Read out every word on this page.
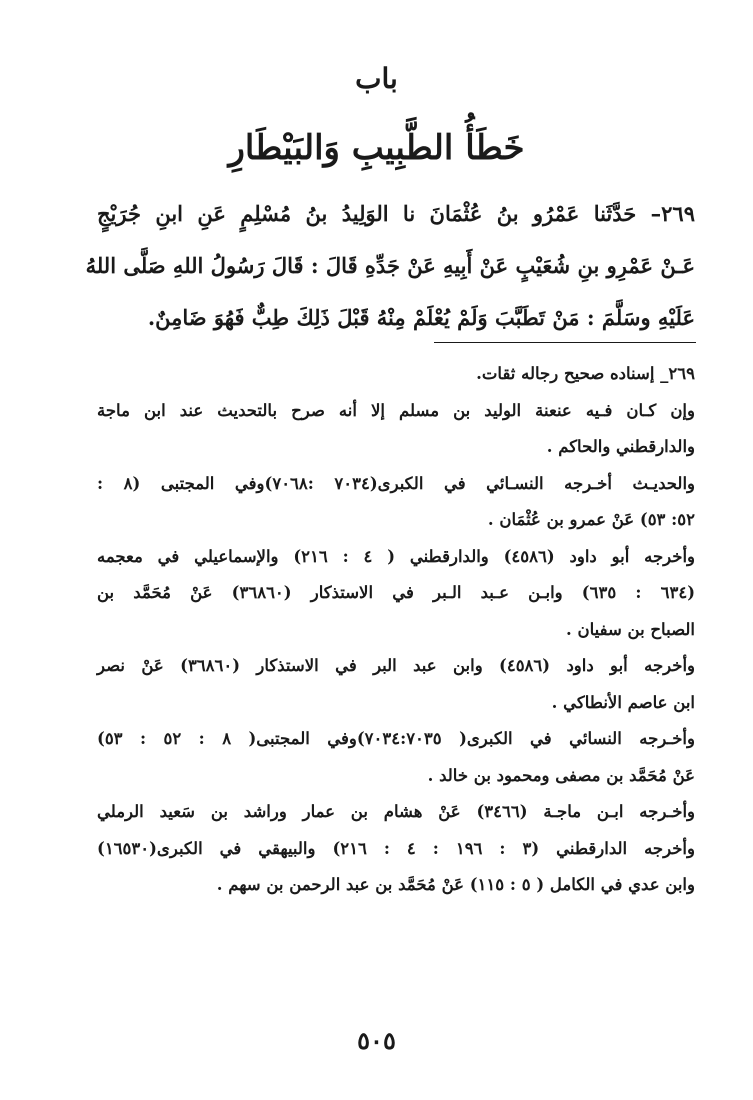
باب
خَطَأُ الطَّبِيبِ وَالبَيْطَارِ
٢٦٩– حَدَّثَنا عَمْرُو بنُ عُثْمَانَ نا الوَلِيدُ بنُ مُسْلِمٍ عَنِ ابنِ جُرَيْجٍ
عَـنْ عَمْرِو بنِ شُعَيْبٍ عَنْ أَبِيهِ عَنْ جَدِّهِ قَالَ : قَالَ رَسُولُ اللهِ صَلَّى اللهُ
عَلَيْهِ وسَلَّمَ : مَنْ تَطَبَّبَ وَلَمْ يُعْلَمْ مِنْهُ قَبْلَ ذَلِكَ طِبٌّ فَهُوَ ضَامِنٌ.
٢٦٩_ إسناده صحيح رجاله ثقات.
وإن كـان فـيه عنعنة الوليد بن مسلم إلا أنه صرح بالتحديث عند ابن ماجة
والدارقطني والحاكم .
والحديـث أخـرجه النسـائي في الكبرى(٧٠٣٤ :٧٠٦٨)وفي المجتبى (٨ :
٥٢: ٥٣) عَنْ عمرو بن عُثْمَان .
وأخرجه أبو داود (٤٥٨٦) والدارقطني ( ٤ : ٢١٦) والإسماعيلي في معجمه
(٦٣٤ : ٦٣٥) وابـن عـبد الـبر في الاستذكار (٣٦٨٦٠) عَنْ مُحَمَّد بن
الصباح بن سفيان .
وأخرجه أبو داود (٤٥٨٦) وابن عبد البر في الاستذكار (٣٦٨٦٠) عَنْ نصر
ابن عاصم الأنطاكي .
وأخـرجه النسائي في الكبرى( ٧٠٣٤:٧٠٣٥)وفي المجتبى( ٨ : ٥٢ : ٥٣)
عَنْ مُحَمَّد بن مصفى ومحمود بن خالد .
وأخـرجه ابـن ماجـة (٣٤٦٦) عَنْ هشام بن عمار وراشد بن سَعيد الرملي
وأخرجه الدارقطني (٣ : ١٩٦ : ٤ : ٢١٦) والبيهقي في الكبرى(١٦٥٣٠)
وابن عدي في الكامل ( ٥ : ١١٥) عَنْ مُحَمَّد بن عبد الرحمن بن سهم .
٥٠٥
